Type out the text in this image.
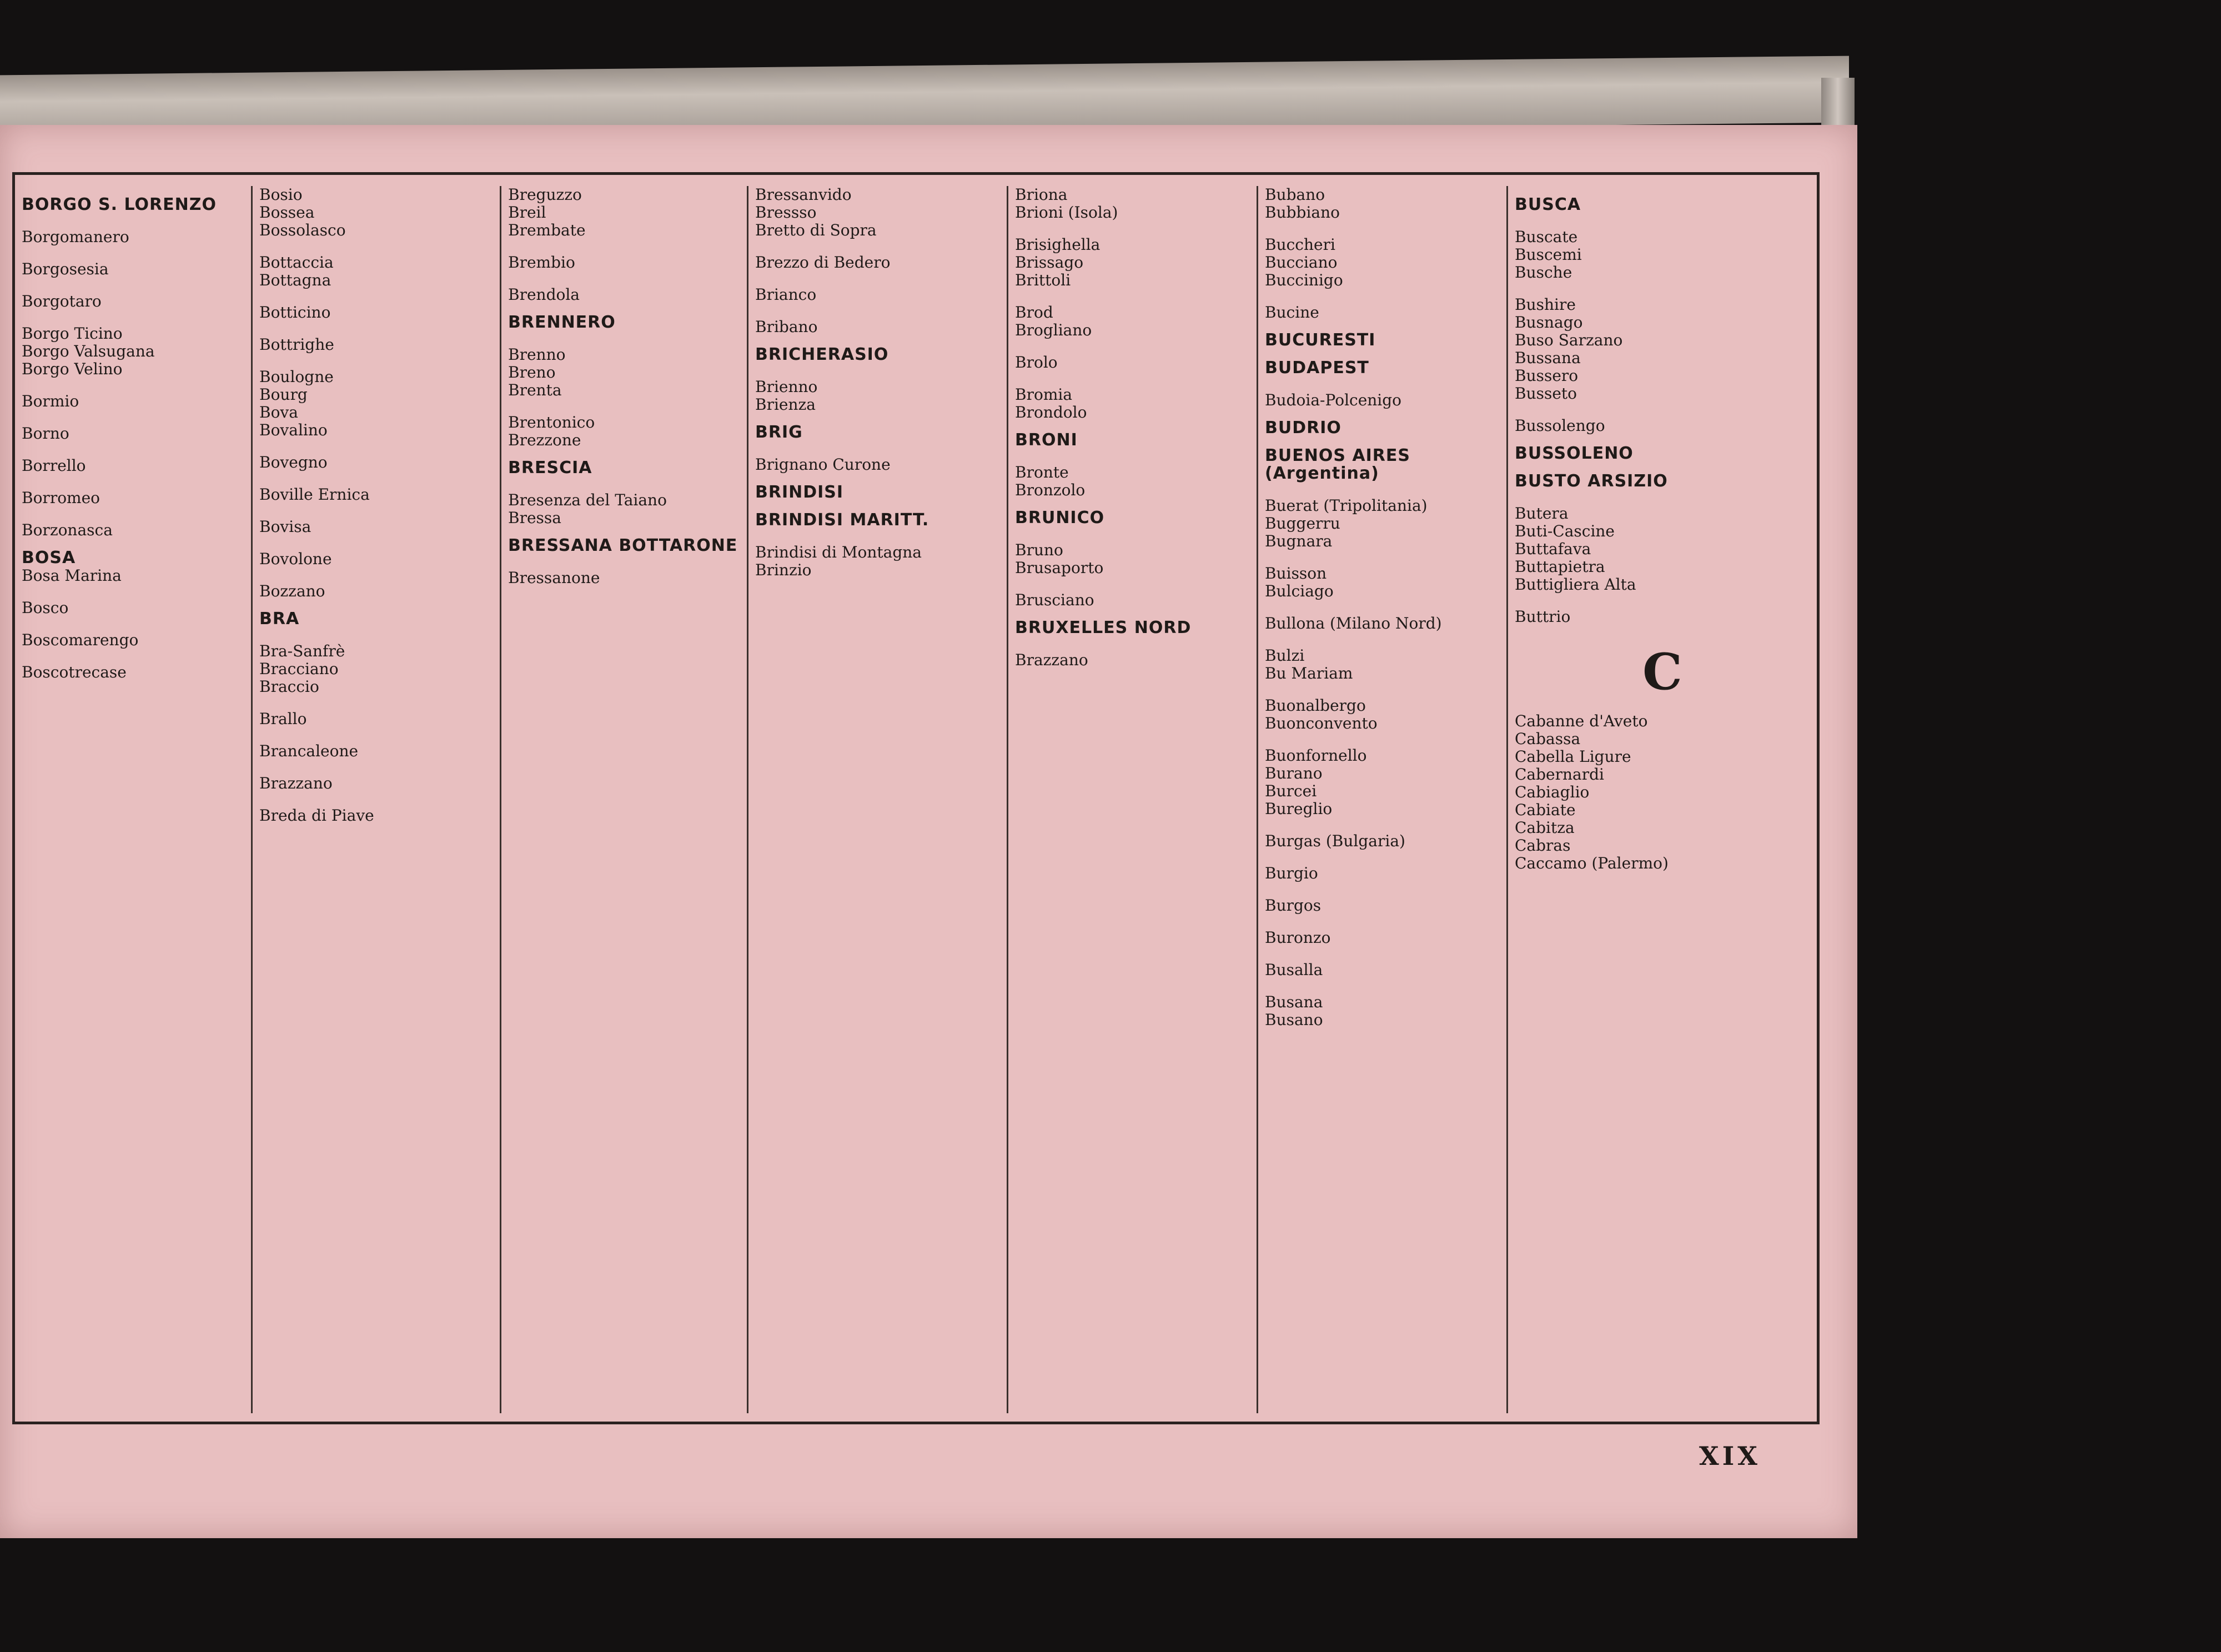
BORGO S. LORENZO
Borgomanero
Borgosesia
Borgotaro
Borgo Ticino
Borgo Valsugana
Borgo Velino
Bormio
Borno
Borrello
Borromeo
Borzonasca
BOSA
Bosa Marina
Bosco
Boscomarengo
Boscotrecase
Bosio
Bossea
Bossolasco
Bottaccia
Bottagna
Botticino
Bottrighe
Boulogne
Bourg
Bova
Bovalino
Bovegno
Boville Ernica
Bovisa
Bovolone
Bozzano
BRA
Bra-Sanfrè
Bracciano
Braccio
Brallo
Brancaleone
Brazzano
Breda di Piave
Breguzzo
Breil
Brembate
Brembio
Brendola
BRENNERO
Brenno
Breno
Brenta
Brentonico
Brezzone
BRESCIA
Bresenza del Taiano
Bressa
BRESSANA BOTTARONE
Bressanone
Bressanvido
Bressso
Bretto di Sopra
Brezzo di Bedero
Brianco
Bribano
BRICHERASIO
Brienno
Brienza
BRIG
Brignano Curone
BRINDISI
BRINDISI MARITT.
Brindisi di Montagna
Brinzio
Briona
Brioni (Isola)
Brisighella
Brissago
Brittoli
Brod
Brogliano
Brolo
Bromia
Brondolo
BRONI
Bronte
Bronzolo
BRUNICO
Bruno
Brusaporto
Brusciano
BRUXELLES NORD
Brazzano
Bubano
Bubbiano
Buccheri
Bucciano
Buccinigo
Bucine
BUCURESTI
BUDAPEST
Budoia-Polcenigo
BUDRIO
BUENOS AIRES (Argentina)
Buerat (Tripolitania)
Buggerru
Bugnara
Buisson
Bulciago
Bullona (Milano Nord)
Bulzi
Bu Mariam
Buonalbergo
Buonconvento
Buonfornello
Burano
Burcei
Bureglio
Burgas (Bulgaria)
Burgio
Burgos
Buronzo
Busalla
Busana
Busano
BUSCA
Buscate
Buscemi
Busche
Bushire
Busnago
Buso Sarzano
Bussana
Bussero
Busseto
Bussolengo
BUSSOLENO
BUSTO ARSIZIO
Butera
Buti-Cascine
Buttafava
Buttapietra
Buttigliera Alta
Buttrio
C
Cabanne d'Aveto
Cabassa
Cabella Ligure
Cabernardi
Cabiaglio
Cabiate
Cabitza
Cabras
Caccamo (Palermo)
XIX
